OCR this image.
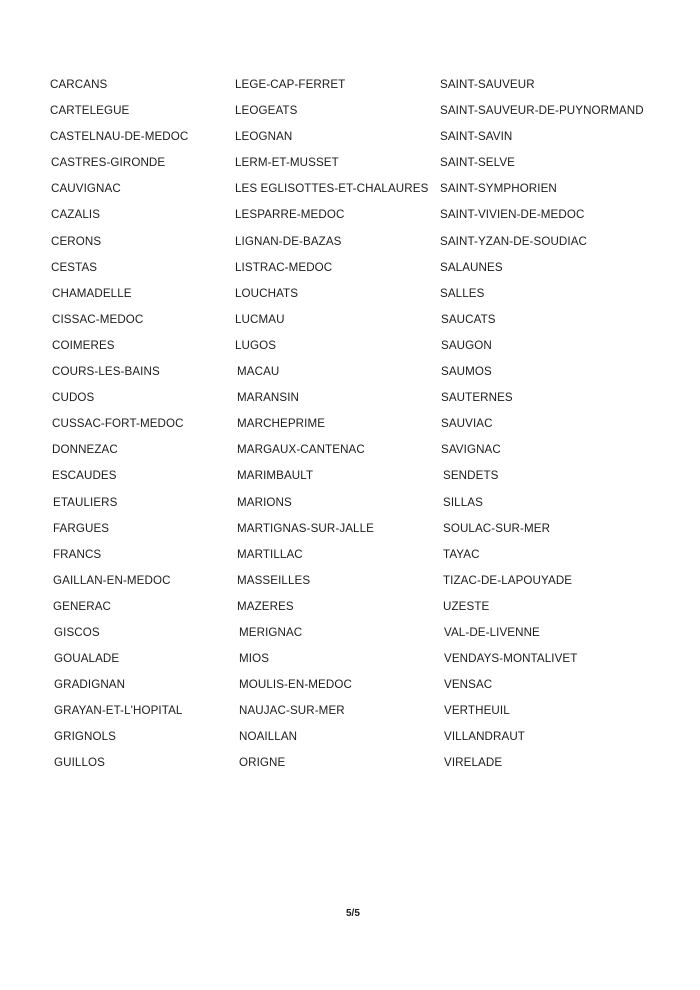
CARCANS
CARTELEGUE
CASTELNAU-DE-MEDOC
CASTRES-GIRONDE
CAUVIGNAC
CAZALIS
CERONS
CESTAS
CHAMADELLE
CISSAC-MEDOC
COIMERES
COURS-LES-BAINS
CUDOS
CUSSAC-FORT-MEDOC
DONNEZAC
ESCAUDES
ETAULIERS
FARGUES
FRANCS
GAILLAN-EN-MEDOC
GENERAC
GISCOS
GOUALADE
GRADIGNAN
GRAYAN-ET-L'HOPITAL
GRIGNOLS
GUILLOS
LEGE-CAP-FERRET
LEOGEATS
LEOGNAN
LERM-ET-MUSSET
LES EGLISOTTES-ET-CHALAURES
LESPARRE-MEDOC
LIGNAN-DE-BAZAS
LISTRAC-MEDOC
LOUCHATS
LUCMAU
LUGOS
MACAU
MARANSIN
MARCHEPRIME
MARGAUX-CANTENAC
MARIMBAULT
MARIONS
MARTIGNAS-SUR-JALLE
MARTILLAC
MASSEILLES
MAZERES
MERIGNAC
MIOS
MOULIS-EN-MEDOC
NAUJAC-SUR-MER
NOAILLAN
ORIGNE
SAINT-SAUVEUR
SAINT-SAUVEUR-DE-PUYNORMAND
SAINT-SAVIN
SAINT-SELVE
SAINT-SYMPHORIEN
SAINT-VIVIEN-DE-MEDOC
SAINT-YZAN-DE-SOUDIAC
SALAUNES
SALLES
SAUCATS
SAUGON
SAUMOS
SAUTERNES
SAUVIAC
SAVIGNAC
SENDETS
SILLAS
SOULAC-SUR-MER
TAYAC
TIZAC-DE-LAPOUYADE
UZESTE
VAL-DE-LIVENNE
VENDAYS-MONTALIVET
VENSAC
VERTHEUIL
VILLANDRAUT
VIRELADE
5/5
